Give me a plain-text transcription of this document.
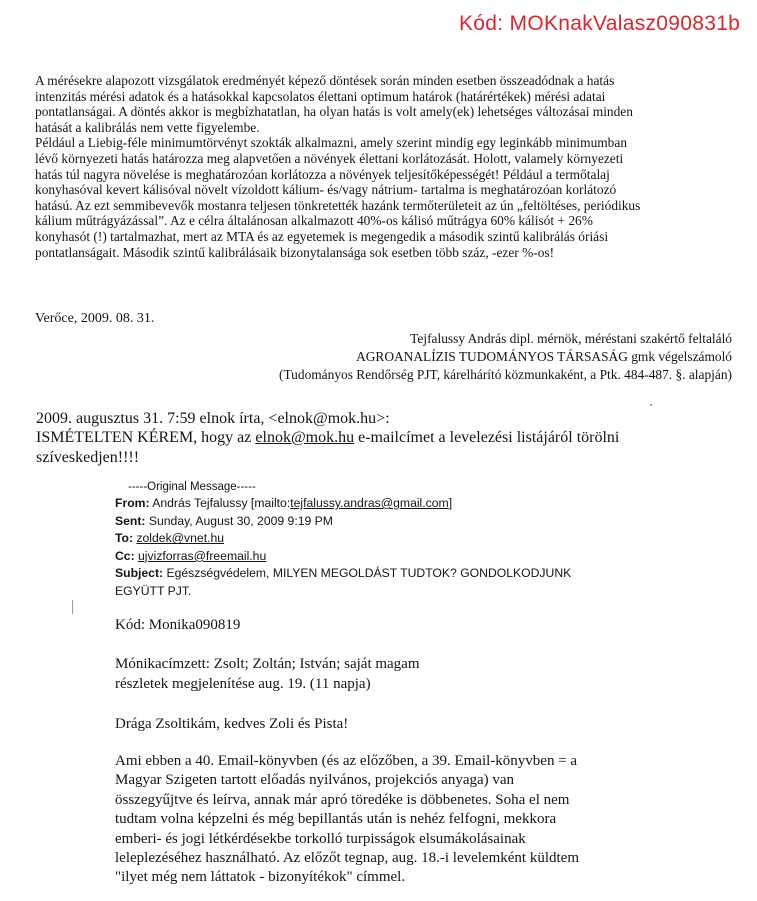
Kód: MOKnakValasz090831b
A mérésekre alapozott vizsgálatok eredményét képező döntések során minden esetben összeadódnak a hatás
intenzitás mérési adatok és a hatásokkal kapcsolatos élettani optimum határok (határértékek) mérési adatai
pontatlanságai. A döntés akkor is megbízhatatlan, ha olyan hatás is volt amely(ek) lehetséges változásai minden
hatását a kalibrálás nem vette figyelembe.
Például a Liebig-féle minimumtörvényt szokták alkalmazni, amely szerint mindig egy leginkább minimumban
lévő környezeti hatás határozza meg alapvetően a növények élettani korlátozását. Holott, valamely környezeti
hatás túl nagyra növelése is meghatározóan korlátozza a növények teljesítőképességét! Például a termőtalaj
konyhasóval kevert kálisóval növelt vízoldott kálium- és/vagy nátrium- tartalma is meghatározóan korlátozó
hatású. Az ezt semmibevevők mostanra teljesen tönkretették hazánk termőterületeit az ún „feltöltéses, periódikus
kálium műtrágyázással”. Az e célra általánosan alkalmazott 40%-os kálisó műtrágya 60% kálisót + 26%
konyhasót (!) tartalmazhat, mert az MTA és az egyetemek is megengedik a második szintű kalibrálás óriási
pontatlanságait. Második szintű kalibrálásaik bizonytalansága sok esetben több száz, -ezer %-os!
Verőce, 2009. 08. 31.
Tejfalussy András dipl. mérnök, méréstani szakértő feltaláló
AGROANALÍZIS TUDOMÁNYOS TÁRSASÁG gmk végelszámoló
(Tudományos Rendőrség PJT, kárelhárító közmunkaként, a Ptk. 484-487. §. alapján)
2009. augusztus 31. 7:59 elnok írta, <elnok@mok.hu>:
ISMÉTELTEN KÉREM, hogy az elnok@mok.hu e-mailcímet a levelezési listájáról törölni
szíveskedjen!!!!
-----Original Message-----
From: András Tejfalussy [mailto:tejfalussy.andras@gmail.com]
Sent: Sunday, August 30, 2009 9:19 PM
To: zoldek@vnet.hu
Cc: ujvizforras@freemail.hu
Subject: Egészségvédelem, MILYEN MEGOLDÁST TUDTOK? GONDOLKODJUNK
EGYÜTT PJT.
Kód: Monika090819
Mónikacímzett: Zsolt; Zoltán; István; saját magam
részletek megjelenítése aug. 19. (11 napja)
Drága Zsoltikám, kedves Zoli és Pista!
Ami ebben a 40. Email-könyvben (és az előzőben, a 39. Email-könyvben = a
Magyar Szigeten tartott előadás nyilvános, projekciós anyaga) van
összegyűjtve és leírva, annak már apró töredéke is döbbenetes. Soha el nem
tudtam volna képzelni és még bepillantás után is nehéz felfogni, mekkora
emberi- és jogi létkérdésekbe torkolló turpisságok elsumákolásainak
leleplezéséhez használható. Az előzőt tegnap, aug. 18.-i levelemként küldtem
"ilyet még nem láttatok - bizonyítékok" címmel.
